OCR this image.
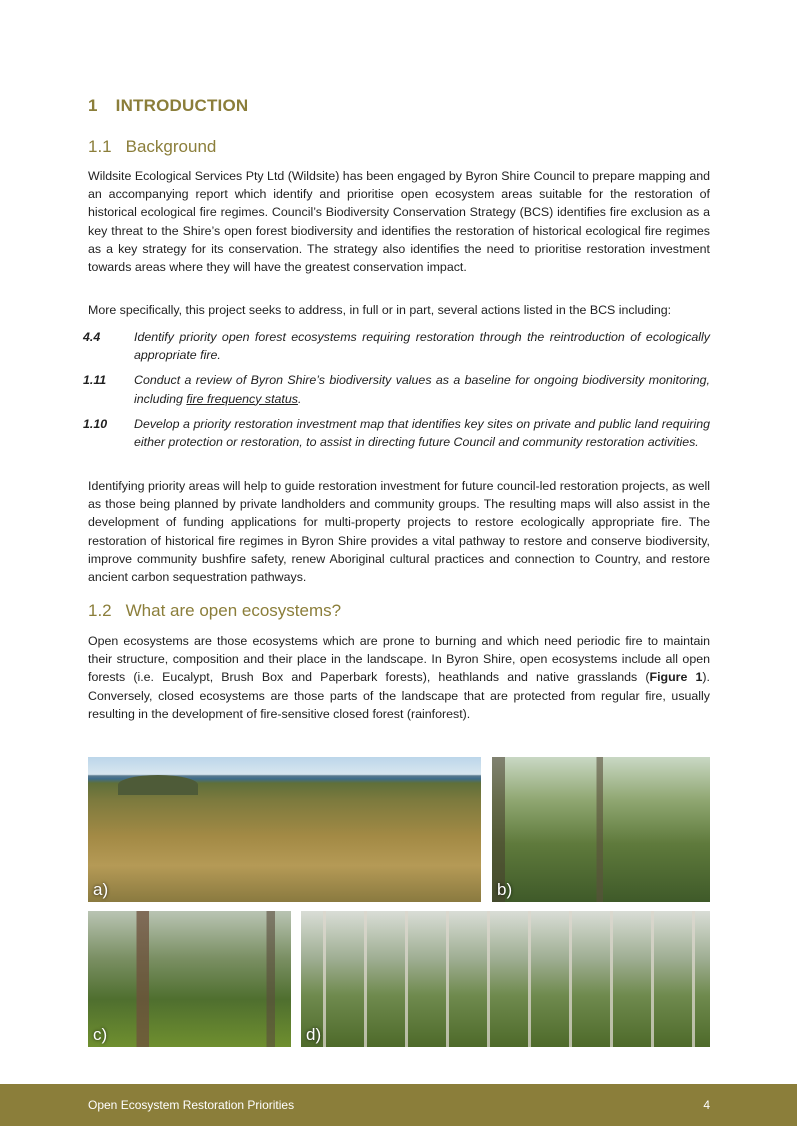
1 INTRODUCTION
1.1 Background

Wildsite Ecological Services Pty Ltd (Wildsite) has been engaged by Byron Shire Council to prepare mapping and an accompanying report which identify and prioritise open ecosystem areas suitable for the restoration of historical ecological fire regimes. Council’s Biodiversity Conservation Strategy (BCS) identifies fire exclusion as a key threat to the Shire’s open forest biodiversity and identifies the restoration of historical ecological fire regimes as a key strategy for its conservation. The strategy also identifies the need to prioritise restoration investment towards areas where they will have the greatest conservation impact.

More specifically, this project seeks to address, in full or in part, several actions listed in the BCS including:

4.4	Identify priority open forest ecosystems requiring restoration through the reintroduction of ecologically appropriate fire.
1.11 Conduct a review of Byron Shire’s biodiversity values as a baseline for ongoing biodiversity monitoring, including fire frequency status.
1.10 Develop a priority restoration investment map that identifies key sites on private and public land requiring either protection or restoration, to assist in directing future Council and community restoration activities.

Identifying priority areas will help to guide restoration investment for future council-led restoration projects, as well as those being planned by private landholders and community groups. The resulting maps will also assist in the development of funding applications for multi-property projects to restore ecologically appropriate fire. The restoration of historical fire regimes in Byron Shire provides a vital pathway to restore and conserve biodiversity, improve community bushfire safety, renew Aboriginal cultural practices and connection to Country, and restore ancient carbon sequestration pathways.

1.2 What are open ecosystems?

Open ecosystems are those ecosystems which are prone to burning and which need periodic fire to maintain their structure, composition and their place in the landscape. In Byron Shire, open ecosystems include all open forests (i.e. Eucalypt, Brush Box and Paperbark forests), heathlands and native grasslands (Figure 1). Conversely, closed ecosystems are those parts of the landscape that are protected from regular fire, usually resulting in the development of fire-sensitive closed forest (rainforest).

a)	b)
c)	d)
Open Ecosystem Restoration Priorities	4
